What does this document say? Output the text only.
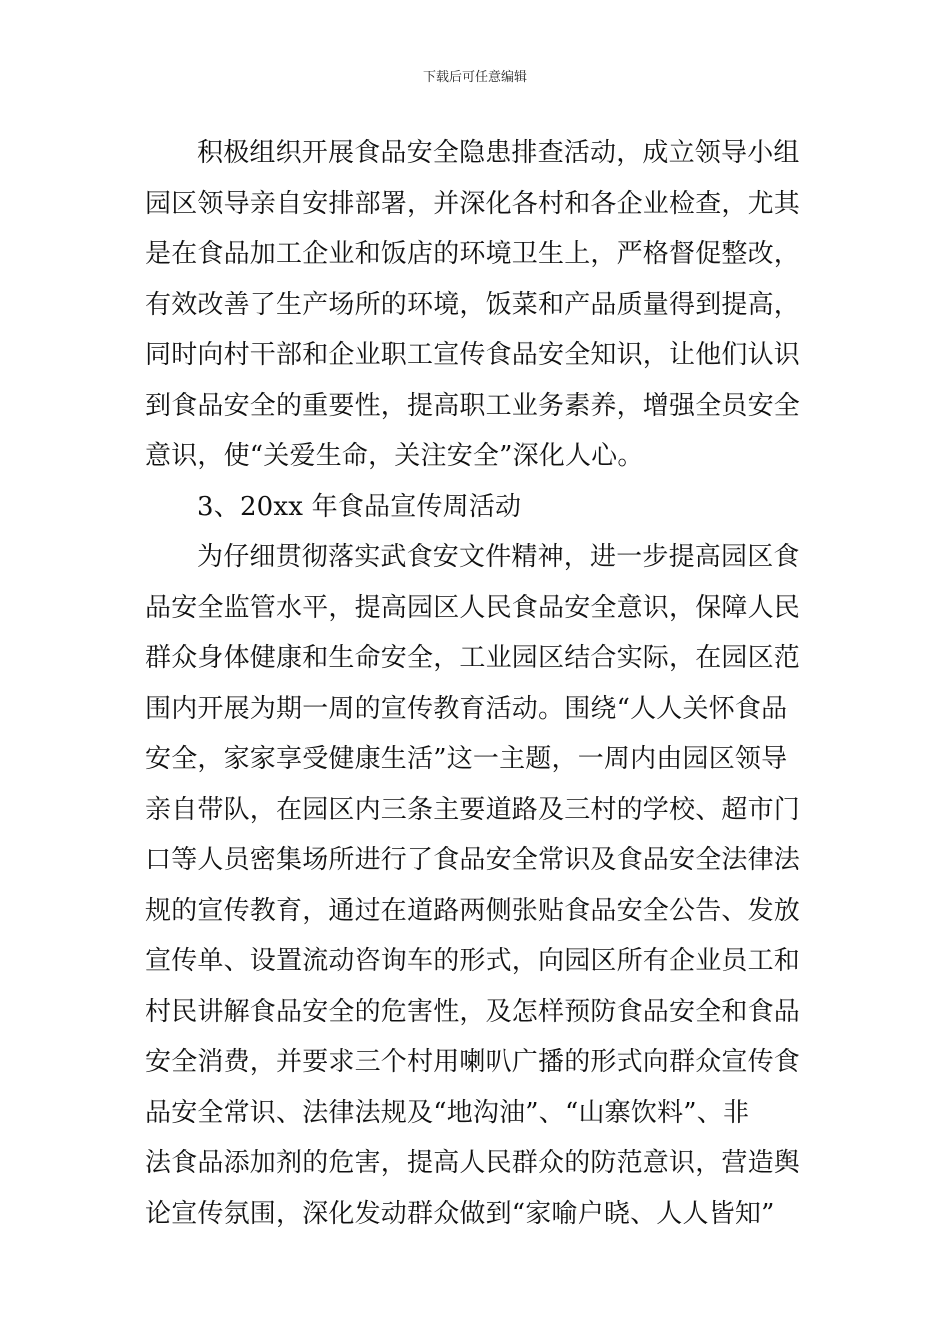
下载后可任意编辑
积极组织开展食品安全隐患排查活动，成立领导小组
园区领导亲自安排部署，并深化各村和各企业检查，尤其
是在食品加工企业和饭店的环境卫生上，严格督促整改，
有效改善了生产场所的环境，饭菜和产品质量得到提高，
同时向村干部和企业职工宣传食品安全知识，让他们认识
到食品安全的重要性，提高职工业务素养，增强全员安全
意识，使“关爱生命，关注安全”深化人心。
3、20xx 年食品宣传周活动
为仔细贯彻落实武食安文件精神，进一步提高园区食
品安全监管水平，提高园区人民食品安全意识，保障人民
群众身体健康和生命安全，工业园区结合实际，在园区范
围内开展为期一周的宣传教育活动。围绕“人人关怀食品
安全，家家享受健康生活”这一主题，一周内由园区领导
亲自带队，在园区内三条主要道路及三村的学校、超市门
口等人员密集场所进行了食品安全常识及食品安全法律法
规的宣传教育，通过在道路两侧张贴食品安全公告、发放
宣传单、设置流动咨询车的形式，向园区所有企业员工和
村民讲解食品安全的危害性，及怎样预防食品安全和食品
安全消费，并要求三个村用喇叭广播的形式向群众宣传食
品安全常识、法律法规及“地沟油”、“山寨饮料”、非
法食品添加剂的危害，提高人民群众的防范意识，营造舆
论宣传氛围，深化发动群众做到“家喻户晓、人人皆知”
